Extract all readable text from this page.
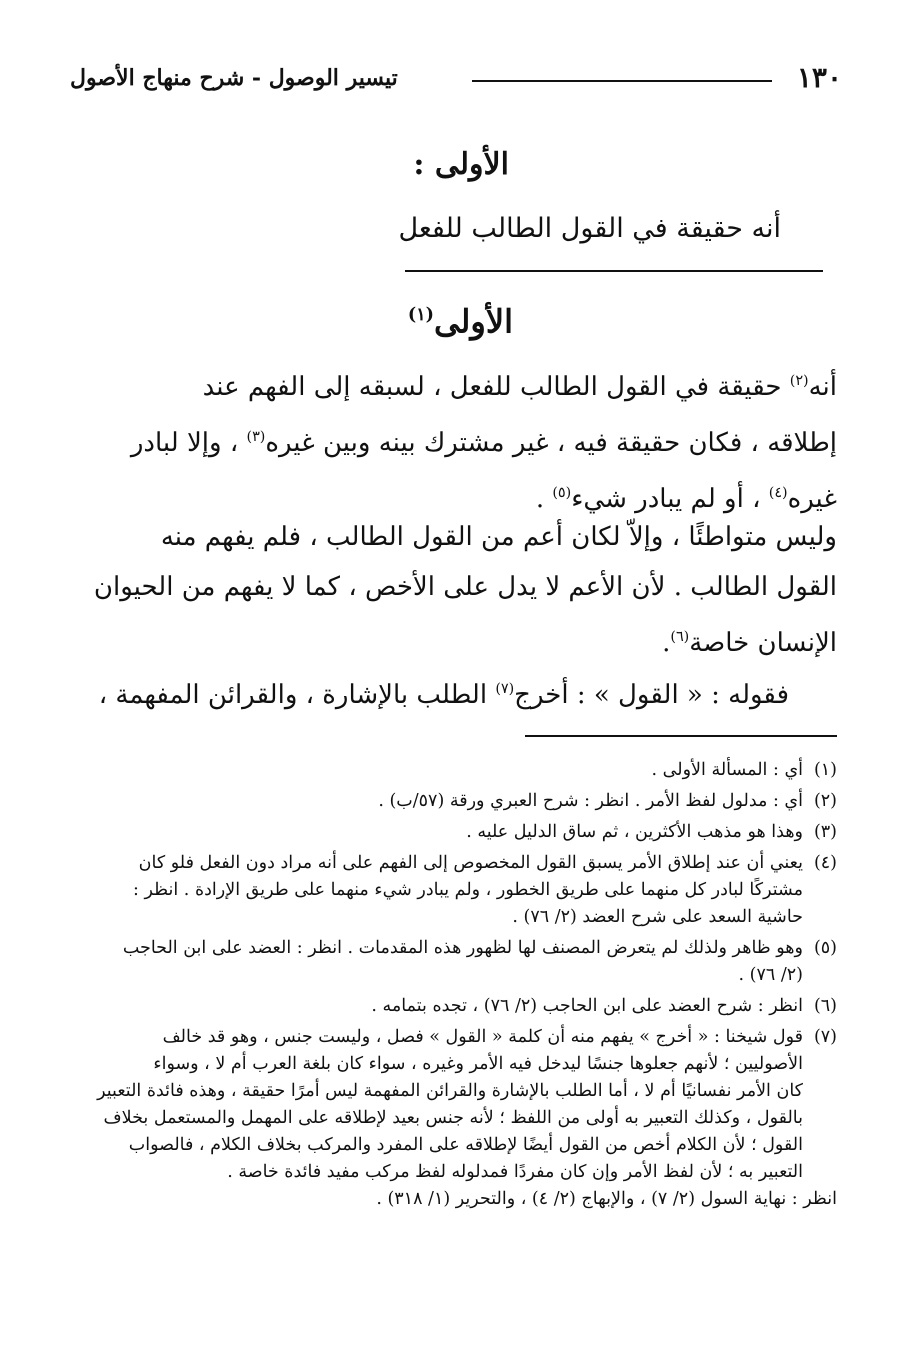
١٣٠
تيسير الوصول - شرح منهاج الأصول
الأولى :
أنه حقيقة في القول الطالب للفعل
الأولى$^{(١)}$
أنه$^{(٢)}$ حقيقة في القول الطالب للفعل ، لسبقه إلى الفهم عند
إطلاقه ، فكان حقيقة فيه ، غير مشترك بينه وبين غيره$^{(٣)}$ ، وإلا لبادر
غيره$^{(٤)}$ ، أو لم يبادر شيء$^{(٥)}$ .
وليس متواطئًا ، وإلاّ لكان أعم من القول الطالب ، فلم يفهم منه
القول الطالب . لأن الأعم لا يدل على الأخص ، كما لا يفهم من الحيوان
الإنسان خاصة$^{(٦)}$.
فقوله : « القول » : أخرج$^{(٧)}$ الطلب بالإشارة ، والقرائن المفهمة ،
(١)أي : المسألة الأولى .
(٢)أي : مدلول لفظ الأمر . انظر : شرح العبري ورقة (٥٧/ب) .
(٣)وهذا هو مذهب الأكثرين ، ثم ساق الدليل عليه .
(٤)يعني أن عند إطلاق الأمر يسبق القول المخصوص إلى الفهم على أنه مراد دون الفعل فلو كان
مشتركًا لبادر كل منهما على طريق الخطور ، ولم يبادر شيء منهما على طريق الإرادة . انظر :
حاشية السعد على شرح العضد (٢/ ٧٦) .
(٥)وهو ظاهر ولذلك لم يتعرض المصنف لها لظهور هذه المقدمات . انظر : العضد على ابن الحاجب
(٢/ ٧٦) .
(٦)انظر : شرح العضد على ابن الحاجب (٢/ ٧٦) ، تجده بتمامه .
(٧)قول شيخنا : « أخرج » يفهم منه أن كلمة « القول » فصل ، وليست جنس ، وهو قد خالف
الأصوليين ؛ لأنهم جعلوها جنسًا ليدخل فيه الأمر وغيره ، سواء كان بلغة العرب أم لا ، وسواء
كان الأمر نفسانيًا أم لا ، أما الطلب بالإشارة والقرائن المفهمة ليس أمرًا حقيقة ، وهذه فائدة التعبير
بالقول ، وكذلك التعبير به أولى من اللفظ ؛ لأنه جنس بعيد لإطلاقه على المهمل والمستعمل بخلاف
القول ؛ لأن الكلام أخص من القول أيضًا لإطلاقه على المفرد والمركب بخلاف الكلام ، فالصواب
التعبير به ؛ لأن لفظ الأمر وإن كان مفردًا فمدلوله لفظ مركب مفيد فائدة خاصة .
انظر : نهاية السول (٢/ ٧) ، والإبهاج (٢/ ٤) ، والتحرير (١/ ٣١٨) .
